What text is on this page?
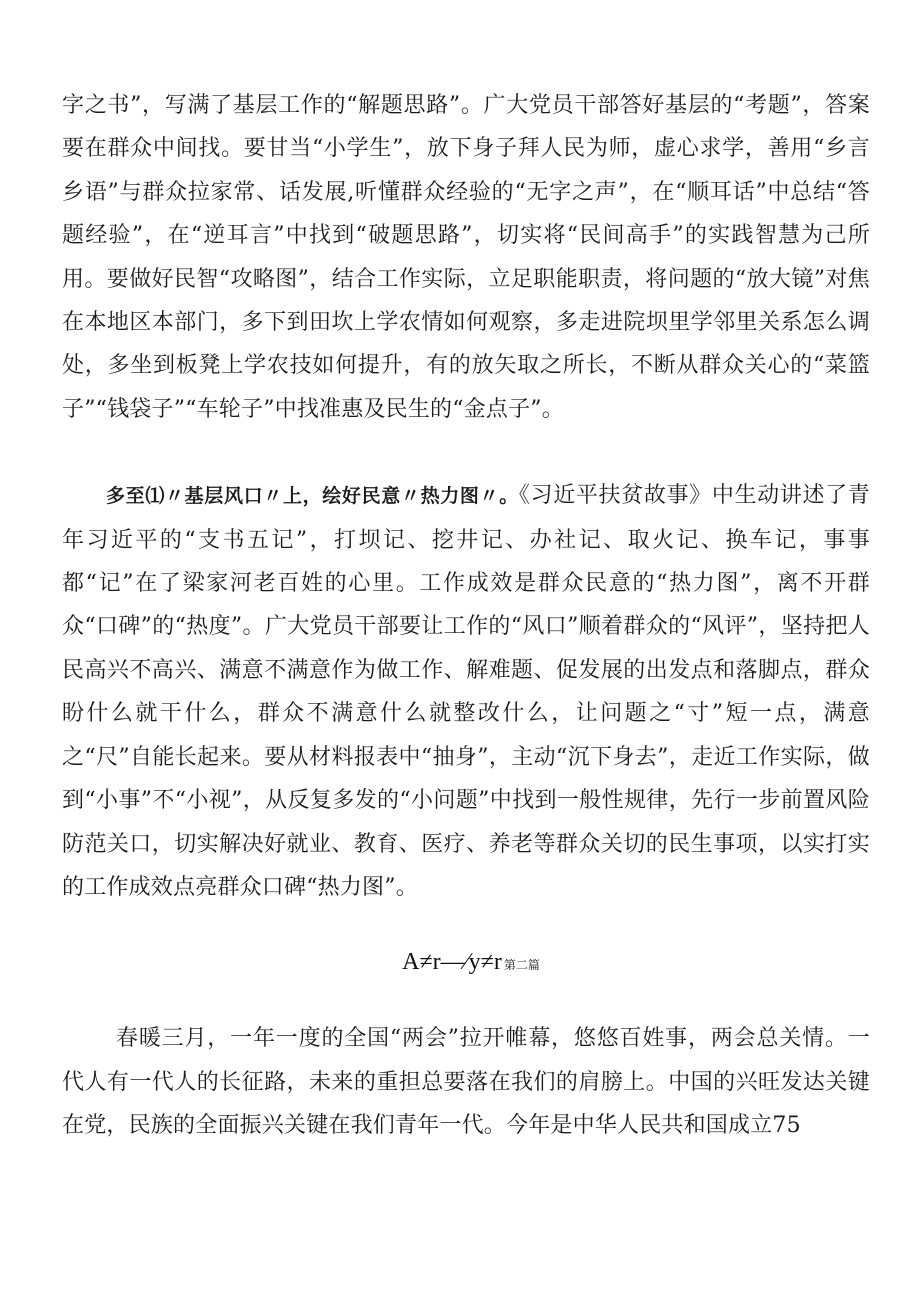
字之书”，写满了基层工作的“解题思路”。广大党员干部答好基层的“考题”，答案要在群众中间找。要甘当“小学生”，放下身子拜人民为师，虚心求学，善用“乡言乡语”与群众拉家常、话发展,听懂群众经验的“无字之声”，在“顺耳话”中总结“答题经验”，在“逆耳言”中找到“破题思路”，切实将“民间高手”的实践智慧为己所用。要做好民智“攻略图”，结合工作实际，立足职能职责，将问题的“放大镜”对焦在本地区本部门，多下到田坎上学农情如何观察，多走进院坝里学邻里关系怎么调处，多坐到板凳上学农技如何提升，有的放矢取之所长，不断从群众关心的“菜篮子”“钱袋子”“车轮子”中找准惠及民生的“金点子”。

多至⑴〃基层风口〃上，绘好民意〃热力图〃。《习近平扶贫故事》中生动讲述了青年习近平的“支书五记”，打坝记、挖井记、办社记、取火记、换车记，事事都“记”在了梁家河老百姓的心里。工作成效是群众民意的“热力图”，离不开群众“口碑”的“热度”。广大党员干部要让工作的“风口”顺着群众的“风评”，坚持把人民高兴不高兴、满意不满意作为做工作、解难题、促发展的出发点和落脚点，群众盼什么就干什么，群众不满意什么就整改什么，让问题之“寸”短一点，满意之“尺”自能长起来。要从材料报表中“抽身”，主动“沉下身去”，走近工作实际，做到“小事”不“小视”，从反复多发的“小问题”中找到一般性规律，先行一步前置风险防范关口，切实解决好就业、教育、医疗、养老等群众关切的民生事项，以实打实的工作成效点亮群众口碑“热力图”。

A≠r—∕y≠r 第二篇

春暖三月，一年一度的全国“两会”拉开帷幕，悠悠百姓事，两会总关情。一代人有一代人的长征路，未来的重担总要落在我们的肩膀上。中国的兴旺发达关键在党，民族的全面振兴关键在我们青年一代。今年是中华人民共和国成立75
